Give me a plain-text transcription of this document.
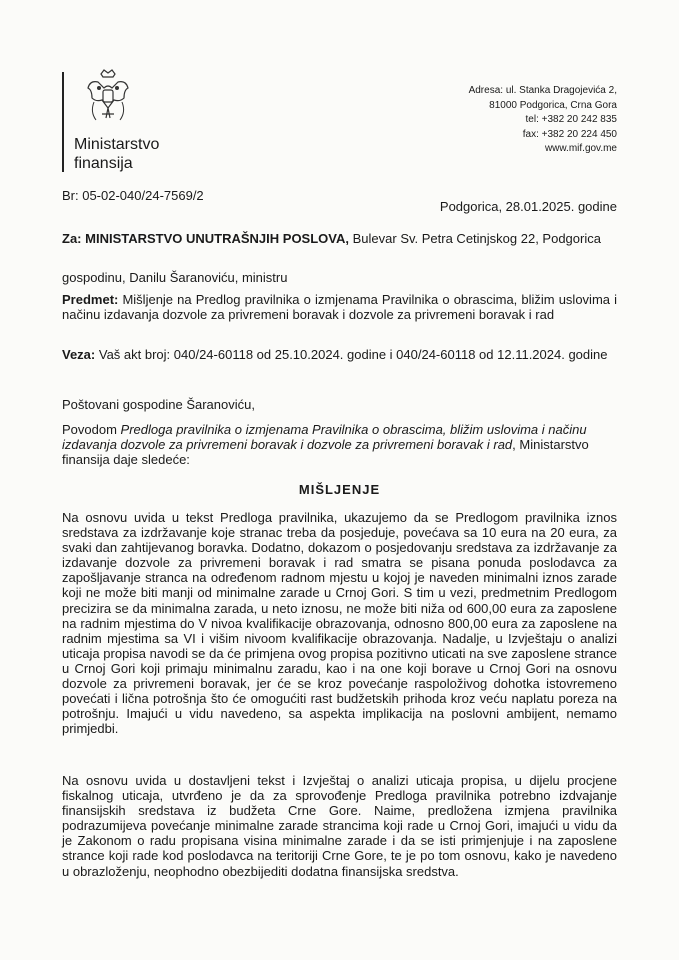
Ministarstvo
finansija
Adresa: ul. Stanka Dragojevića 2,
81000 Podgorica, Crna Gora
tel: +382 20 242 835
fax: +382 20 224 450
www.mif.gov.me
Br: 05-02-040/24-7569/2
Podgorica, 28.01.2025. godine
Za: MINISTARSTVO UNUTRAŠNJIH POSLOVA, Bulevar Sv. Petra Cetinjskog 22, Podgorica
gospodinu, Danilu Šaranoviću, ministru
Predmet: Mišljenje na Predlog pravilnika o izmjenama Pravilnika o obrascima, bližim uslovima i načinu izdavanja dozvole za privremeni boravak i dozvole za privremeni boravak i rad
Veza: Vaš akt broj: 040/24-60118 od 25.10.2024. godine i 040/24-60118 od 12.11.2024. godine
Poštovani gospodine Šaranoviću,
Povodom Predloga pravilnika o izmjenama Pravilnika o obrascima, bližim uslovima i načinu izdavanja dozvole za privremeni boravak i dozvole za privremeni boravak i rad, Ministarstvo finansija daje sledeće:
MIŠLJENJE
Na osnovu uvida u tekst Predloga pravilnika, ukazujemo da se Predlogom pravilnika iznos sredstava za izdržavanje koje stranac treba da posjeduje, povećava sa 10 eura na 20 eura, za svaki dan zahtijevanog boravka. Dodatno, dokazom o posjedovanju sredstava za izdržavanje za izdavanje dozvole za privremeni boravak i rad smatra se pisana ponuda poslodavca za zapošljavanje stranca na određenom radnom mjestu u kojoj je naveden minimalni iznos zarade koji ne može biti manji od minimalne zarade u Crnoj Gori. S tim u vezi, predmetnim Predlogom precizira se da minimalna zarada, u neto iznosu, ne može biti niža od 600,00 eura za zaposlene na radnim mjestima do V nivoa kvalifikacije obrazovanja, odnosno 800,00 eura za zaposlene na radnim mjestima sa VI i višim nivoom kvalifikacije obrazovanja. Nadalje, u Izvještaju o analizi uticaja propisa navodi se da će primjena ovog propisa pozitivno uticati na sve zaposlene strance u Crnoj Gori koji primaju minimalnu zaradu, kao i na one koji borave u Crnoj Gori na osnovu dozvole za privremeni boravak, jer će se kroz povećanje raspoloživog dohotka istovremeno povećati i lična potrošnja što će omogućiti rast budžetskih prihoda kroz veću naplatu poreza na potrošnju. Imajući u vidu navedeno, sa aspekta implikacija na poslovni ambijent, nemamo primjedbi.
Na osnovu uvida u dostavljeni tekst i Izvještaj o analizi uticaja propisa, u dijelu procjene fiskalnog uticaja, utvrđeno je da za sprovođenje Predloga pravilnika potrebno izdvajanje finansijskih sredstava iz budžeta Crne Gore. Naime, predloženа izmjena pravilnika podrazumijeva povećanje minimalne zarade strancima koji rade u Crnoj Gori, imajući u vidu da je Zakonom o radu propisana visina minimalne zarade i da se isti primjenjuje i na zaposlene strance koji rade kod poslodavca na teritoriji Crne Gore, te je po tom osnovu, kako je navedeno u obrazloženju, neophodno obezbijediti dodatna finansijska sredstva.
